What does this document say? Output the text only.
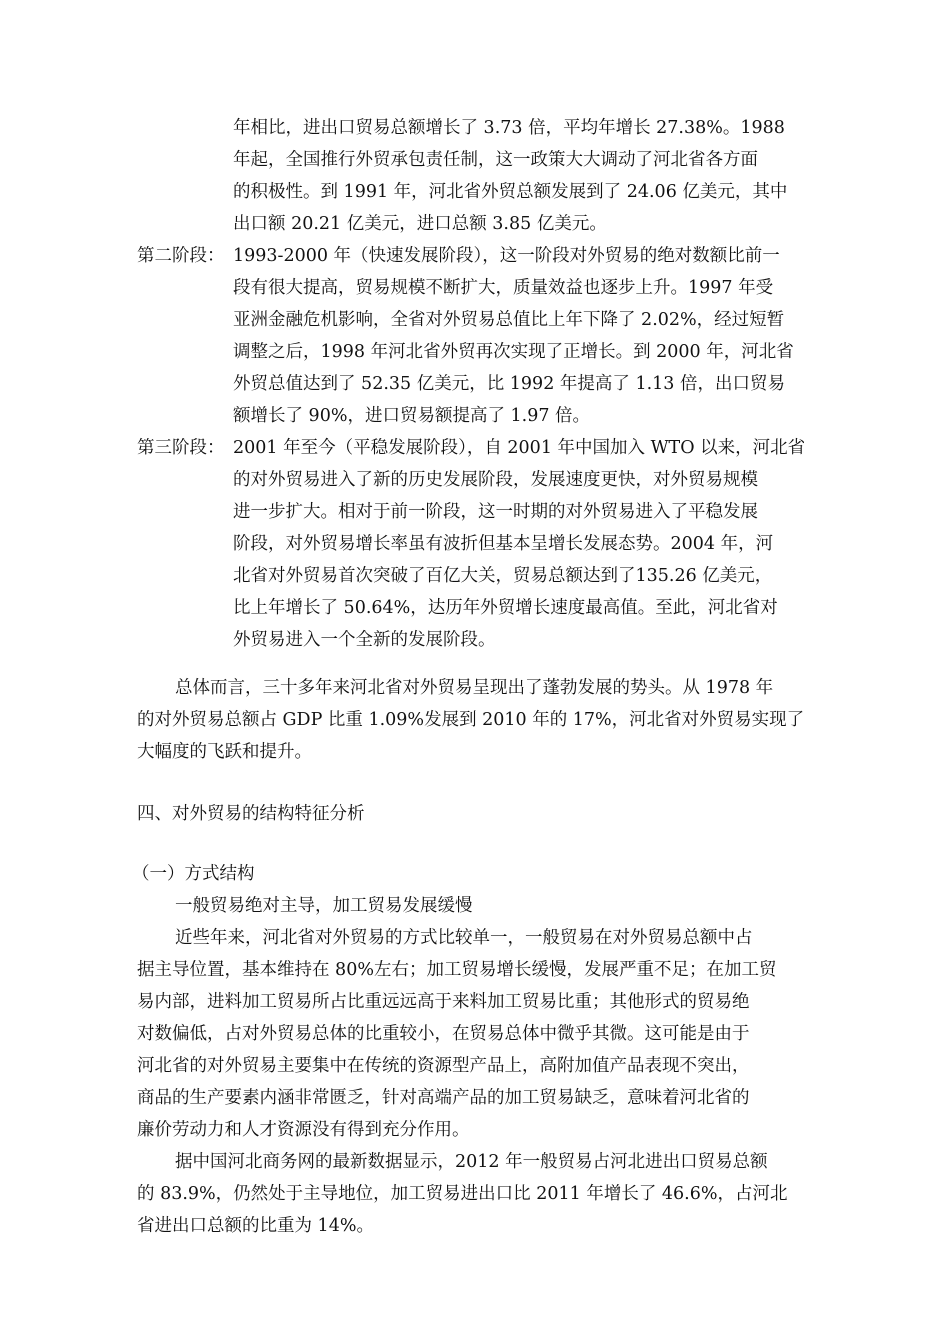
年相比，进出口贸易总额增长了 3.73 倍，平均年增长 27.38%。1988
年起，全国推行外贸承包责任制，这一政策大大调动了河北省各方面
的积极性。到 1991 年，河北省外贸总额发展到了 24.06 亿美元，其中
出口额 20.21 亿美元，进口总额 3.85 亿美元。
第二阶段： 1993-2000 年（快速发展阶段），这一阶段对外贸易的绝对数额比前一
段有很大提高，贸易规模不断扩大，质量效益也逐步上升。1997 年受
亚洲金融危机影响，全省对外贸易总值比上年下降了 2.02%，经过短暂
调整之后，1998 年河北省外贸再次实现了正增长。到 2000 年，河北省
外贸总值达到了 52.35 亿美元，比 1992 年提高了 1.13 倍，出口贸易
额增长了 90%，进口贸易额提高了 1.97 倍。
第三阶段： 2001 年至今（平稳发展阶段），自 2001 年中国加入 WTO 以来，河北省
的对外贸易进入了新的历史发展阶段，发展速度更快，对外贸易规模
进一步扩大。相对于前一阶段，这一时期的对外贸易进入了平稳发展
阶段，对外贸易增长率虽有波折但基本呈增长发展态势。2004 年，河
北省对外贸易首次突破了百亿大关，贸易总额达到了135.26 亿美元，
比上年增长了 50.64%，达历年外贸增长速度最高值。至此，河北省对
外贸易进入一个全新的发展阶段。
总体而言，三十多年来河北省对外贸易呈现出了蓬勃发展的势头。从 1978 年
的对外贸易总额占 GDP 比重 1.09%发展到 2010 年的 17%，河北省对外贸易实现了
大幅度的飞跃和提升。
四、对外贸易的结构特征分析
（一）方式结构
一般贸易绝对主导，加工贸易发展缓慢
近些年来，河北省对外贸易的方式比较单一，一般贸易在对外贸易总额中占
据主导位置，基本维持在 80%左右；加工贸易增长缓慢，发展严重不足；在加工贸
易内部，进料加工贸易所占比重远远高于来料加工贸易比重；其他形式的贸易绝
对数偏低，占对外贸易总体的比重较小，在贸易总体中微乎其微。这可能是由于
河北省的对外贸易主要集中在传统的资源型产品上，高附加值产品表现不突出，
商品的生产要素内涵非常匮乏，针对高端产品的加工贸易缺乏，意味着河北省的
廉价劳动力和人才资源没有得到充分作用。
据中国河北商务网的最新数据显示，2012 年一般贸易占河北进出口贸易总额
的 83.9%，仍然处于主导地位，加工贸易进出口比 2011 年增长了 46.6%，占河北
省进出口总额的比重为 14%。
